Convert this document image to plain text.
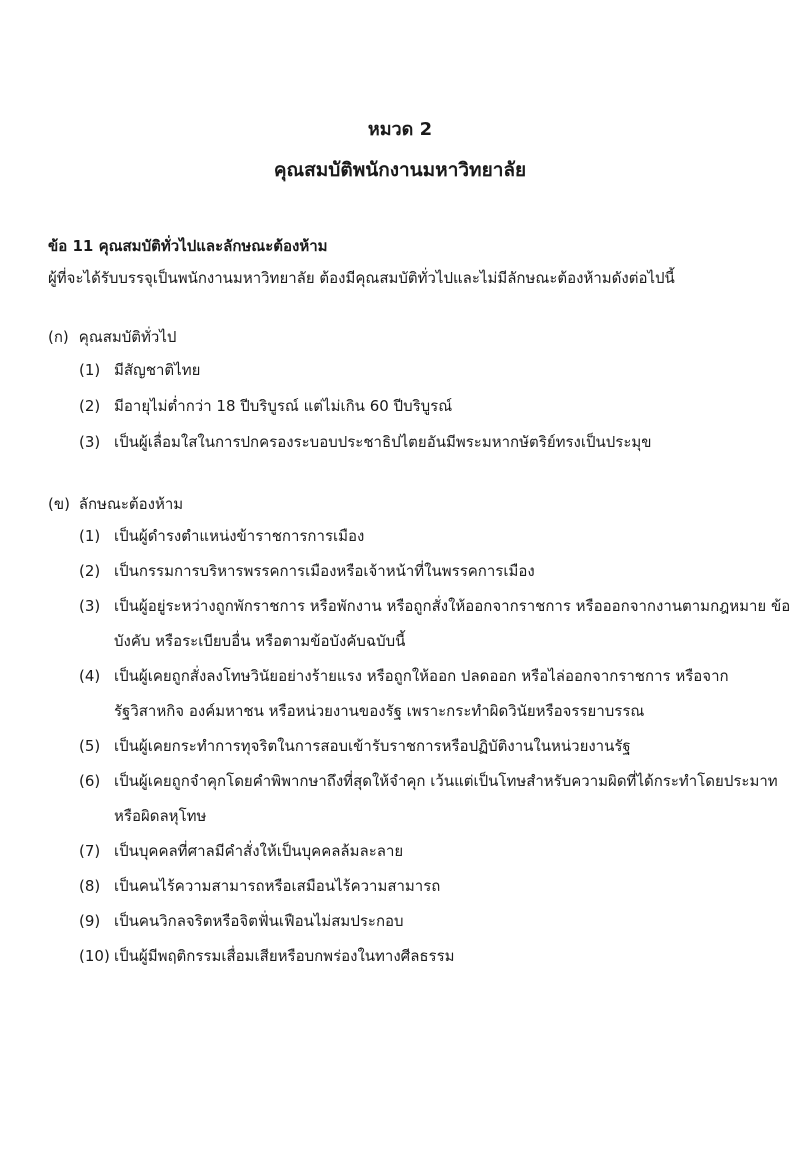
หมวด 2
คุณสมบัติพนักงานมหาวิทยาลัย
ข้อ 11 คุณสมบัติทั่วไปและลักษณะต้องห้าม
ผู้ที่จะได้รับบรรจุเป็นพนักงานมหาวิทยาลัย ต้องมีคุณสมบัติทั่วไปและไม่มีลักษณะต้องห้ามดังต่อไปนี้
(ก) คุณสมบัติทั่วไป
(1) มีสัญชาติไทย
(2) มีอายุไม่ต่ำกว่า 18 ปีบริบูรณ์ แต่ไม่เกิน 60 ปีบริบูรณ์
(3) เป็นผู้เลื่อมใสในการปกครองระบอบประชาธิปไตยอันมีพระมหากษัตริย์ทรงเป็นประมุข
(ข) ลักษณะต้องห้าม
(1) เป็นผู้ดำรงตำแหน่งข้าราชการการเมือง
(2) เป็นกรรมการบริหารพรรคการเมืองหรือเจ้าหน้าที่ในพรรคการเมือง
(3) เป็นผู้อยู่ระหว่างถูกพักราชการ หรือพักงาน หรือถูกสั่งให้ออกจากราชการ หรือออกจากงานตามกฎหมาย ข้อบังคับ หรือระเบียบอื่น หรือตามข้อบังคับฉบับนี้
(4) เป็นผู้เคยถูกสั่งลงโทษวินัยอย่างร้ายแรง หรือถูกให้ออก ปลดออก หรือไล่ออกจากราชการ หรือจากรัฐวิสาหกิจ องค์มหาชน หรือหน่วยงานของรัฐ เพราะกระทำผิดวินัยหรือจรรยาบรรณ
(5) เป็นผู้เคยกระทำการทุจริตในการสอบเข้ารับราชการหรือปฏิบัติงานในหน่วยงานรัฐ
(6) เป็นผู้เคยถูกจำคุกโดยคำพิพากษาถึงที่สุดให้จำคุก เว้นแต่เป็นโทษสำหรับความผิดที่ได้กระทำโดยประมาทหรือผิดลหุโทษ
(7) เป็นบุคคลที่ศาลมีคำสั่งให้เป็นบุคคลล้มละลาย
(8) เป็นคนไร้ความสามารถหรือเสมือนไร้ความสามารถ
(9) เป็นคนวิกลจริตหรือจิตฟั่นเฟือนไม่สมประกอบ
(10) เป็นผู้มีพฤติกรรมเสื่อมเสียหรือบกพร่องในทางศีลธรรม
